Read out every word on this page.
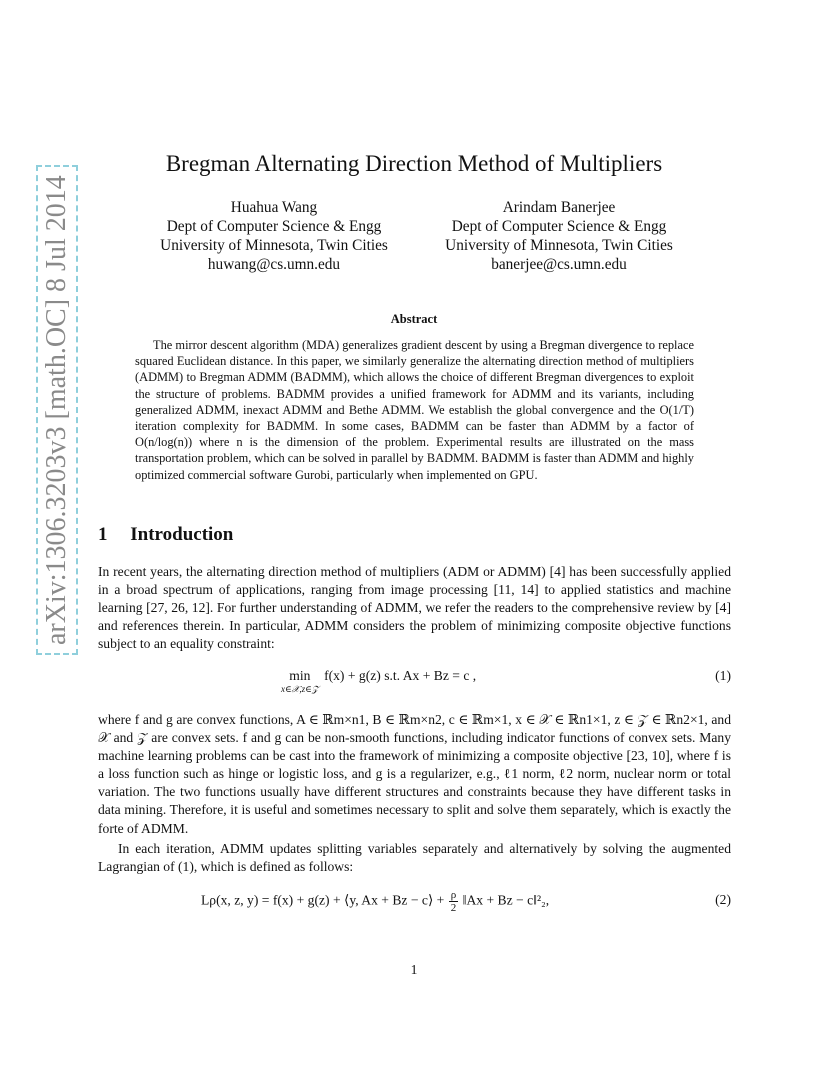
arXiv:1306.3203v3 [math.OC] 8 Jul 2014
Bregman Alternating Direction Method of Multipliers
Huahua Wang
Dept of Computer Science & Engg
University of Minnesota, Twin Cities
huwang@cs.umn.edu
Arindam Banerjee
Dept of Computer Science & Engg
University of Minnesota, Twin Cities
banerjee@cs.umn.edu
Abstract
The mirror descent algorithm (MDA) generalizes gradient descent by using a Bregman divergence to replace squared Euclidean distance. In this paper, we similarly generalize the alternating direction method of multipliers (ADMM) to Bregman ADMM (BADMM), which allows the choice of different Bregman divergences to exploit the structure of problems. BADMM provides a unified framework for ADMM and its variants, including generalized ADMM, inexact ADMM and Bethe ADMM. We establish the global convergence and the O(1/T) iteration complexity for BADMM. In some cases, BADMM can be faster than ADMM by a factor of O(n/log(n)) where n is the dimension of the problem. Experimental results are illustrated on the mass transportation problem, which can be solved in parallel by BADMM. BADMM is faster than ADMM and highly optimized commercial software Gurobi, particularly when implemented on GPU.
1 Introduction
In recent years, the alternating direction method of multipliers (ADM or ADMM) [4] has been successfully applied in a broad spectrum of applications, ranging from image processing [11, 14] to applied statistics and machine learning [27, 26, 12]. For further understanding of ADMM, we refer the readers to the comprehensive review by [4] and references therein. In particular, ADMM considers the problem of minimizing composite objective functions subject to an equality constraint:
min
x∈𝒳,z∈𝒵
f(x) + g(z) s.t. Ax + Bz = c ,	(1)
where f and g are convex functions, A ∈ ℝm×n1, B ∈ ℝm×n2, c ∈ ℝm×1, x ∈ 𝒳 ∈ ℝn1×1, z ∈ 𝒵 ∈ ℝn2×1, and 𝒳 and 𝒵 are convex sets. f and g can be non-smooth functions, including indicator functions of convex sets. Many machine learning problems can be cast into the framework of minimizing a composite objective [23, 10], where f is a loss function such as hinge or logistic loss, and g is a regularizer, e.g., ℓ1 norm, ℓ2 norm, nuclear norm or total variation. The two functions usually have different structures and constraints because they have different tasks in data mining. Therefore, it is useful and sometimes necessary to split and solve them separately, which is exactly the forte of ADMM.
In each iteration, ADMM updates splitting variables separately and alternatively by solving the augmented Lagrangian of (1), which is defined as follows:
Lρ(x, z, y) = f(x) + g(z) + ⟨y, Ax + Bz − c⟩ + $\frac{\rho}{2}$ ‖Ax + Bz − c‖²₂,	(2)
1
